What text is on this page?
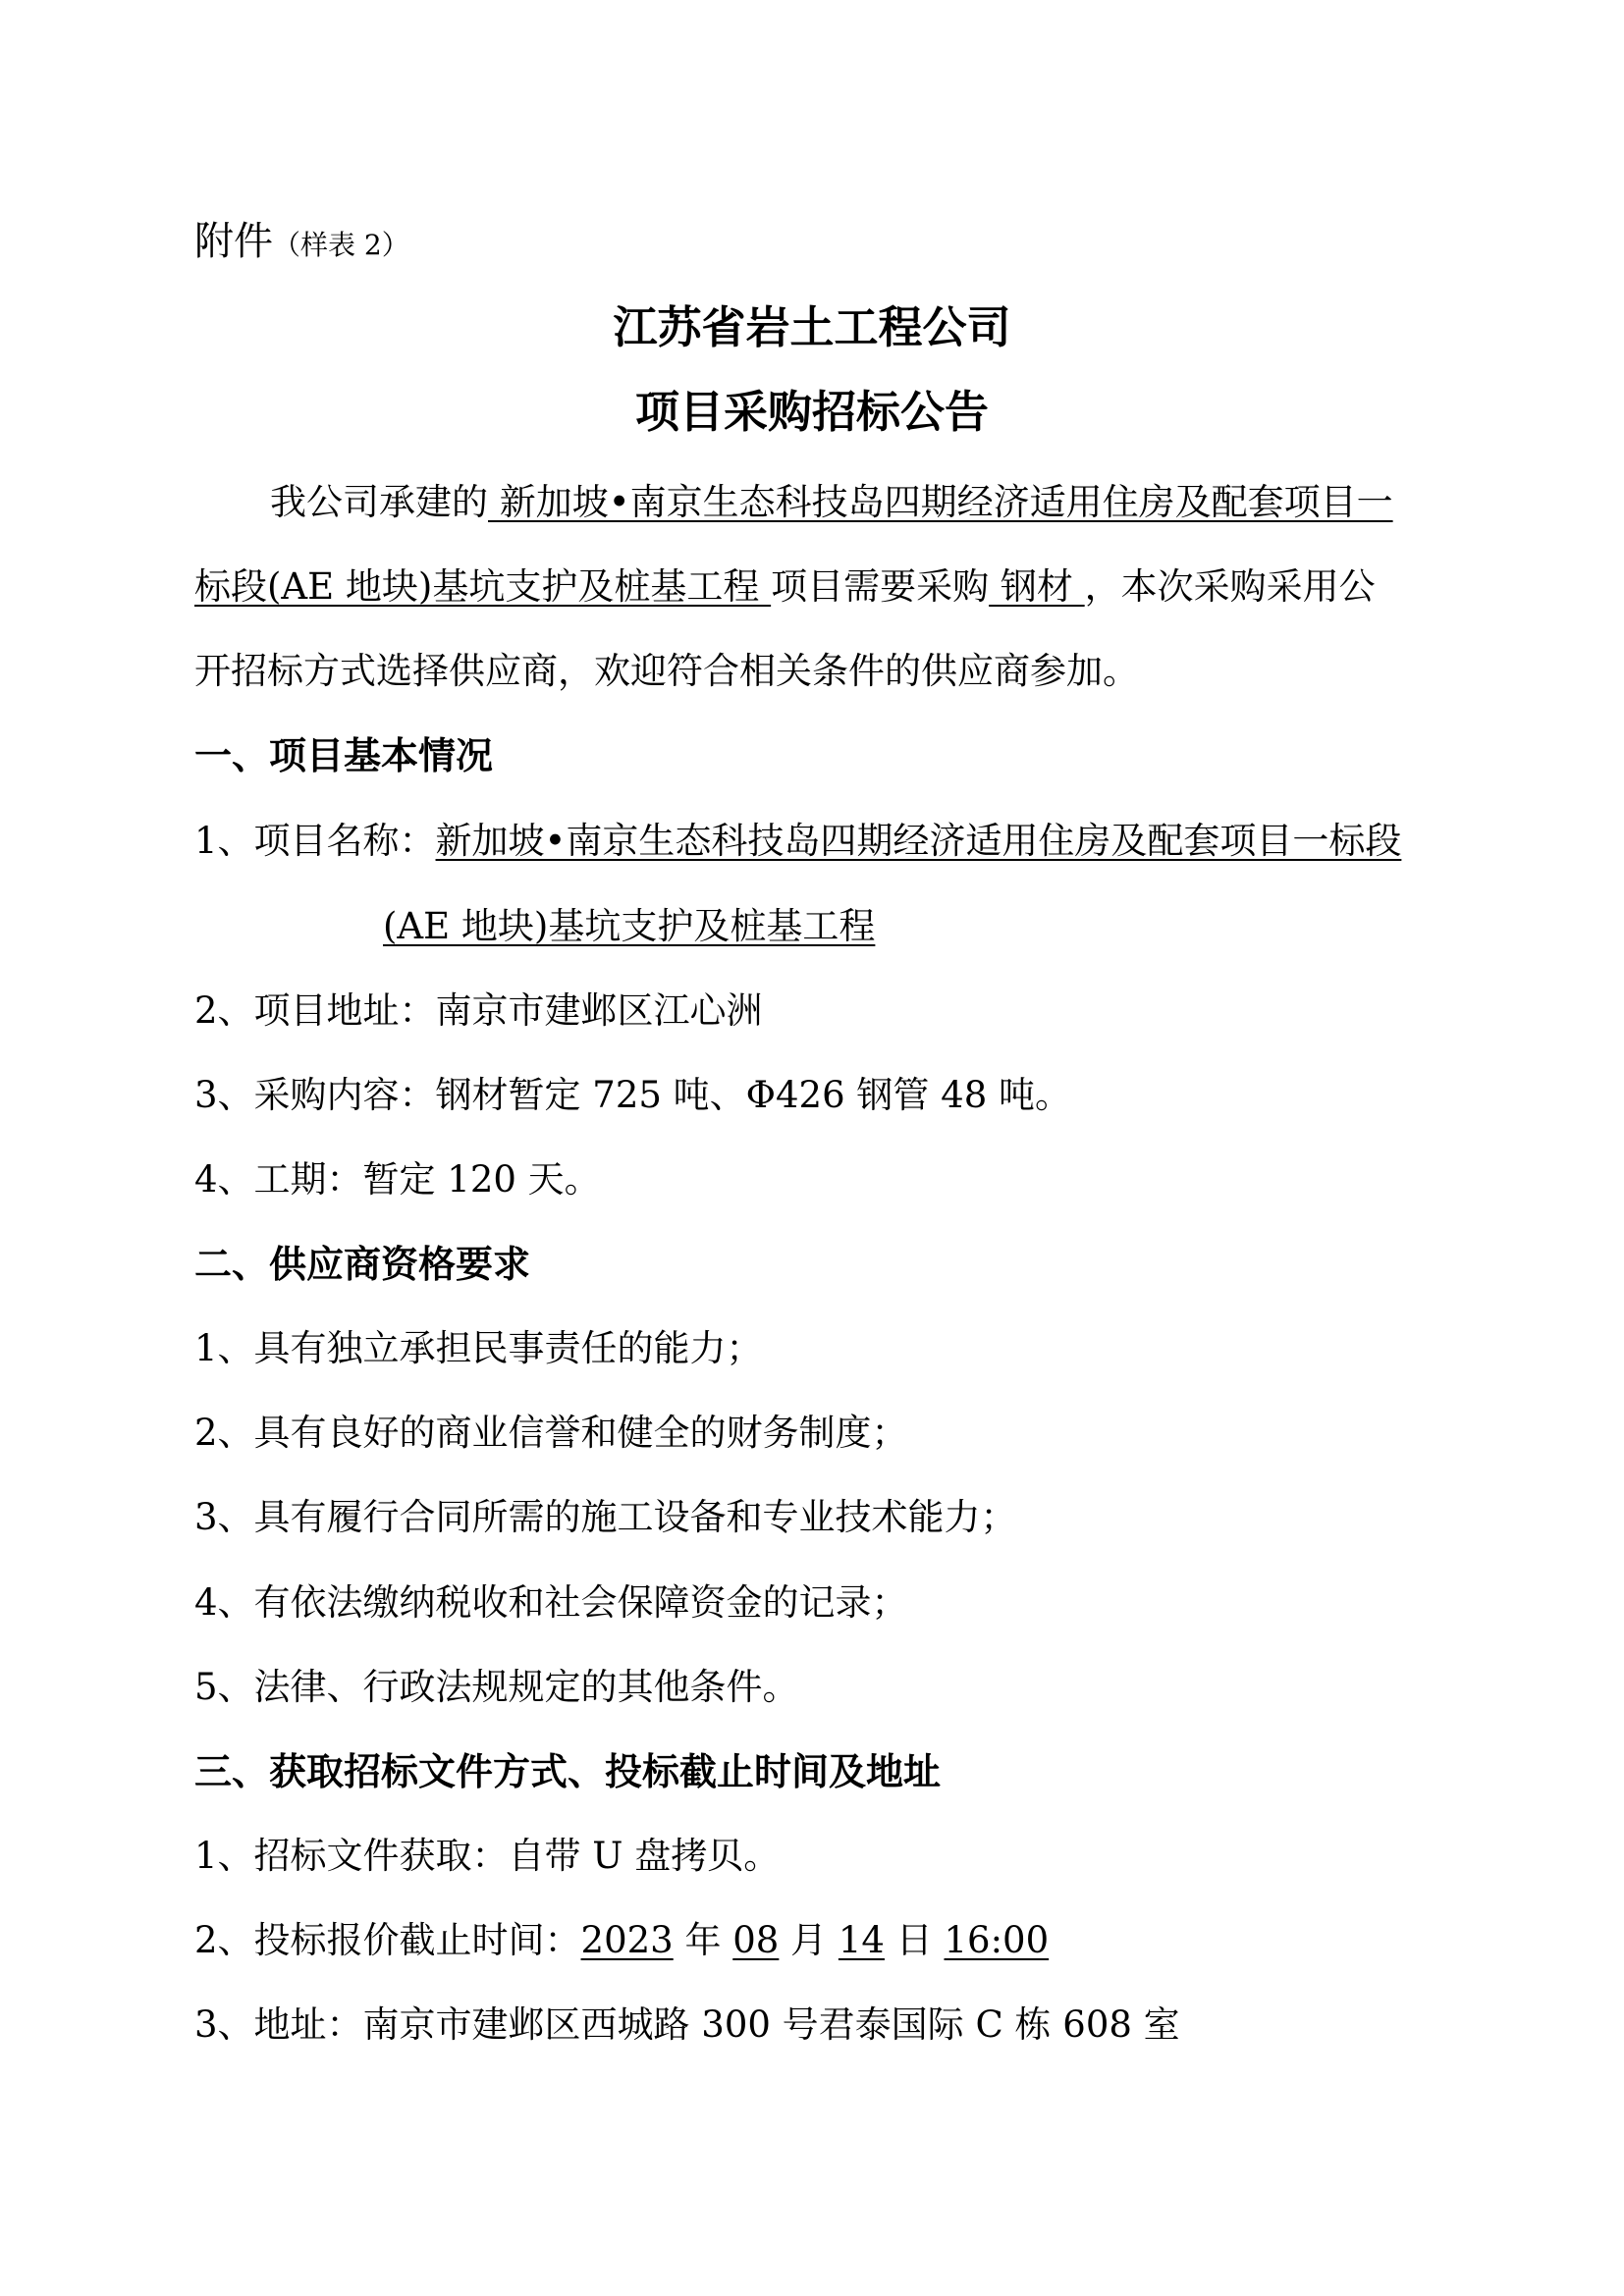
附件（样表 2）
江苏省岩土工程公司
项目采购招标公告
我公司承建的 新加坡•南京生态科技岛四期经济适用住房及配套项目一
标段(AE 地块)基坑支护及桩基工程 项目需要采购 钢材 ，本次采购采用公
开招标方式选择供应商，欢迎符合相关条件的供应商参加。
一、项目基本情况
1、项目名称：新加坡•南京生态科技岛四期经济适用住房及配套项目一标段
(AE 地块)基坑支护及桩基工程
2、项目地址：南京市建邺区江心洲
3、采购内容：钢材暂定 725 吨、Φ426 钢管 48 吨。
4、工期：暂定 120 天。
二、供应商资格要求
1、具有独立承担民事责任的能力；
2、具有良好的商业信誉和健全的财务制度；
3、具有履行合同所需的施工设备和专业技术能力；
4、有依法缴纳税收和社会保障资金的记录；
5、法律、行政法规规定的其他条件。
三、获取招标文件方式、投标截止时间及地址
1、招标文件获取：自带 U 盘拷贝。
2、投标报价截止时间：2023 年 08 月 14 日 16:00
3、地址：南京市建邺区西城路 300 号君泰国际 C 栋 608 室
